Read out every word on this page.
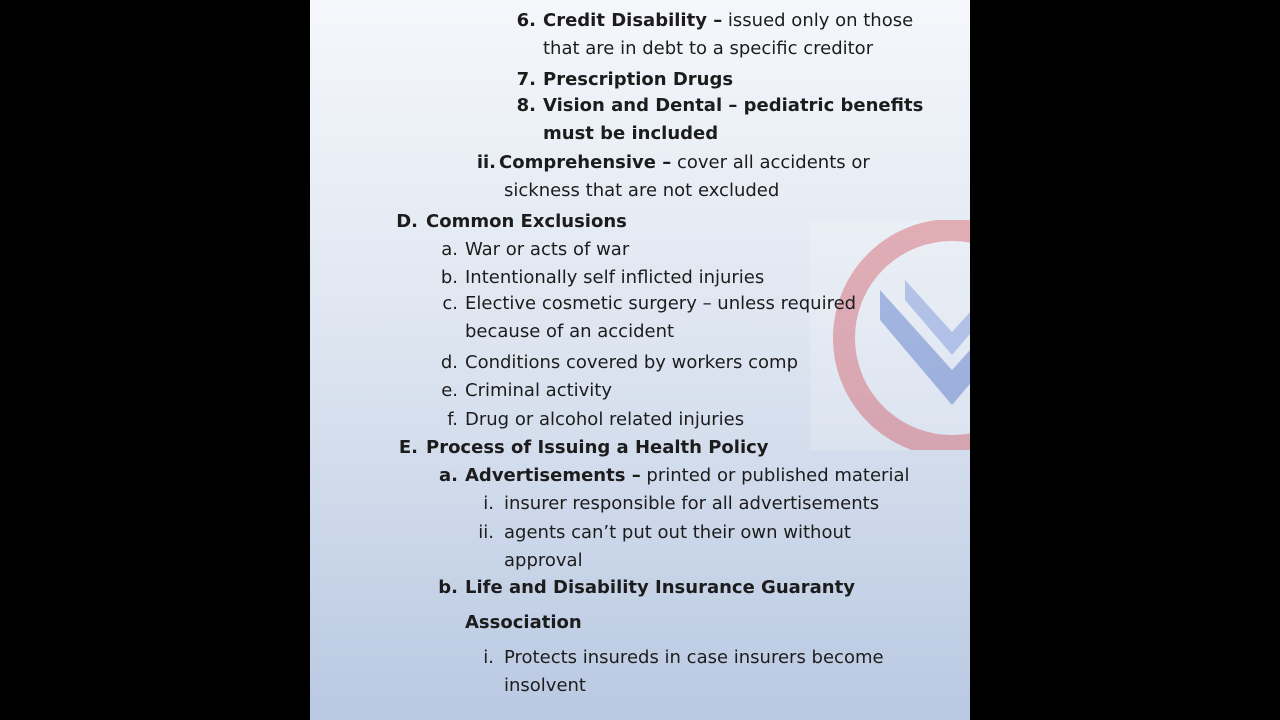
6. Credit Disability – issued only on those
that are in debt to a specific creditor
7. Prescription Drugs
8. Vision and Dental – pediatric benefits
must be included
ii. Comprehensive – cover all accidents or
sickness that are not excluded
D. Common Exclusions
a. War or acts of war
b. Intentionally self inflicted injuries
c. Elective cosmetic surgery – unless required
because of an accident
d. Conditions covered by workers comp
e. Criminal activity
f. Drug or alcohol related injuries
E. Process of Issuing a Health Policy
a. Advertisements – printed or published material
i. insurer responsible for all advertisements
ii. agents can’t put out their own without
approval
b. Life and Disability Insurance Guaranty
Association
i. Protects insureds in case insurers become
insolvent
